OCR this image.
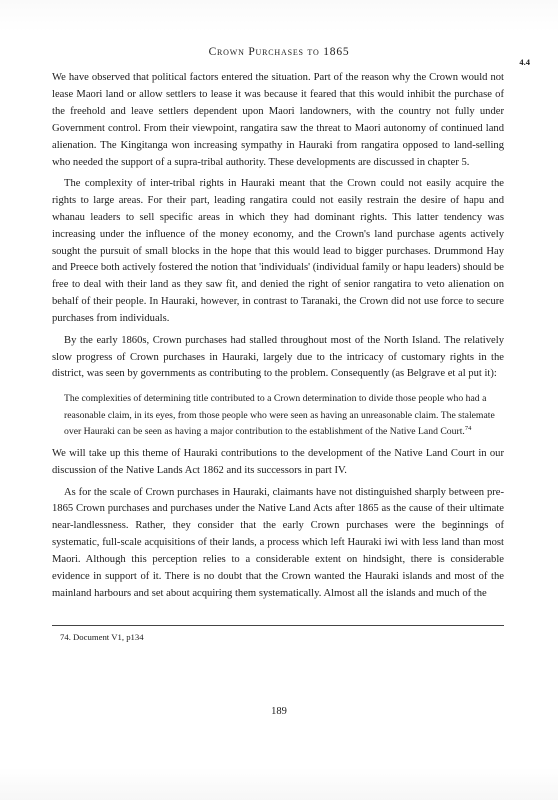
Crown Purchases to 1865
4.4

We have observed that political factors entered the situation. Part of the reason why the Crown would not lease Maori land or allow settlers to lease it was because it feared that this would inhibit the purchase of the freehold and leave settlers dependent upon Maori landowners, with the country not fully under Government control. From their viewpoint, rangatira saw the threat to Maori autonomy of continued land alienation. The Kingitanga won increasing sympathy in Hauraki from rangatira opposed to land-selling who needed the support of a supra-tribal authority. These developments are discussed in chapter 5.

The complexity of inter-tribal rights in Hauraki meant that the Crown could not easily acquire the rights to large areas. For their part, leading rangatira could not easily restrain the desire of hapu and whanau leaders to sell specific areas in which they had dominant rights. This latter tendency was increasing under the influence of the money economy, and the Crown's land purchase agents actively sought the pursuit of small blocks in the hope that this would lead to bigger purchases. Drummond Hay and Preece both actively fostered the notion that 'individuals' (individual family or hapu leaders) should be free to deal with their land as they saw fit, and denied the right of senior rangatira to veto alienation on behalf of their people. In Hauraki, however, in contrast to Taranaki, the Crown did not use force to secure purchases from individuals.

By the early 1860s, Crown purchases had stalled throughout most of the North Island. The relatively slow progress of Crown purchases in Hauraki, largely due to the intricacy of customary rights in the district, was seen by governments as contributing to the problem. Consequently (as Belgrave et al put it):

The complexities of determining title contributed to a Crown determination to divide those people who had a reasonable claim, in its eyes, from those people who were seen as having an unreasonable claim. The stalemate over Hauraki can be seen as having a major contribution to the establishment of the Native Land Court.$^{74}$

We will take up this theme of Hauraki contributions to the development of the Native Land Court in our discussion of the Native Lands Act 1862 and its successors in part IV.

As for the scale of Crown purchases in Hauraki, claimants have not distinguished sharply between pre-1865 Crown purchases and purchases under the Native Land Acts after 1865 as the cause of their ultimate near-landlessness. Rather, they consider that the early Crown purchases were the beginnings of systematic, full-scale acquisitions of their lands, a process which left Hauraki iwi with less land than most Maori. Although this perception relies to a considerable extent on hindsight, there is considerable evidence in support of it. There is no doubt that the Crown wanted the Hauraki islands and most of the mainland harbours and set about acquiring them systematically. Almost all the islands and much of the

74. Document V1, p134
189
